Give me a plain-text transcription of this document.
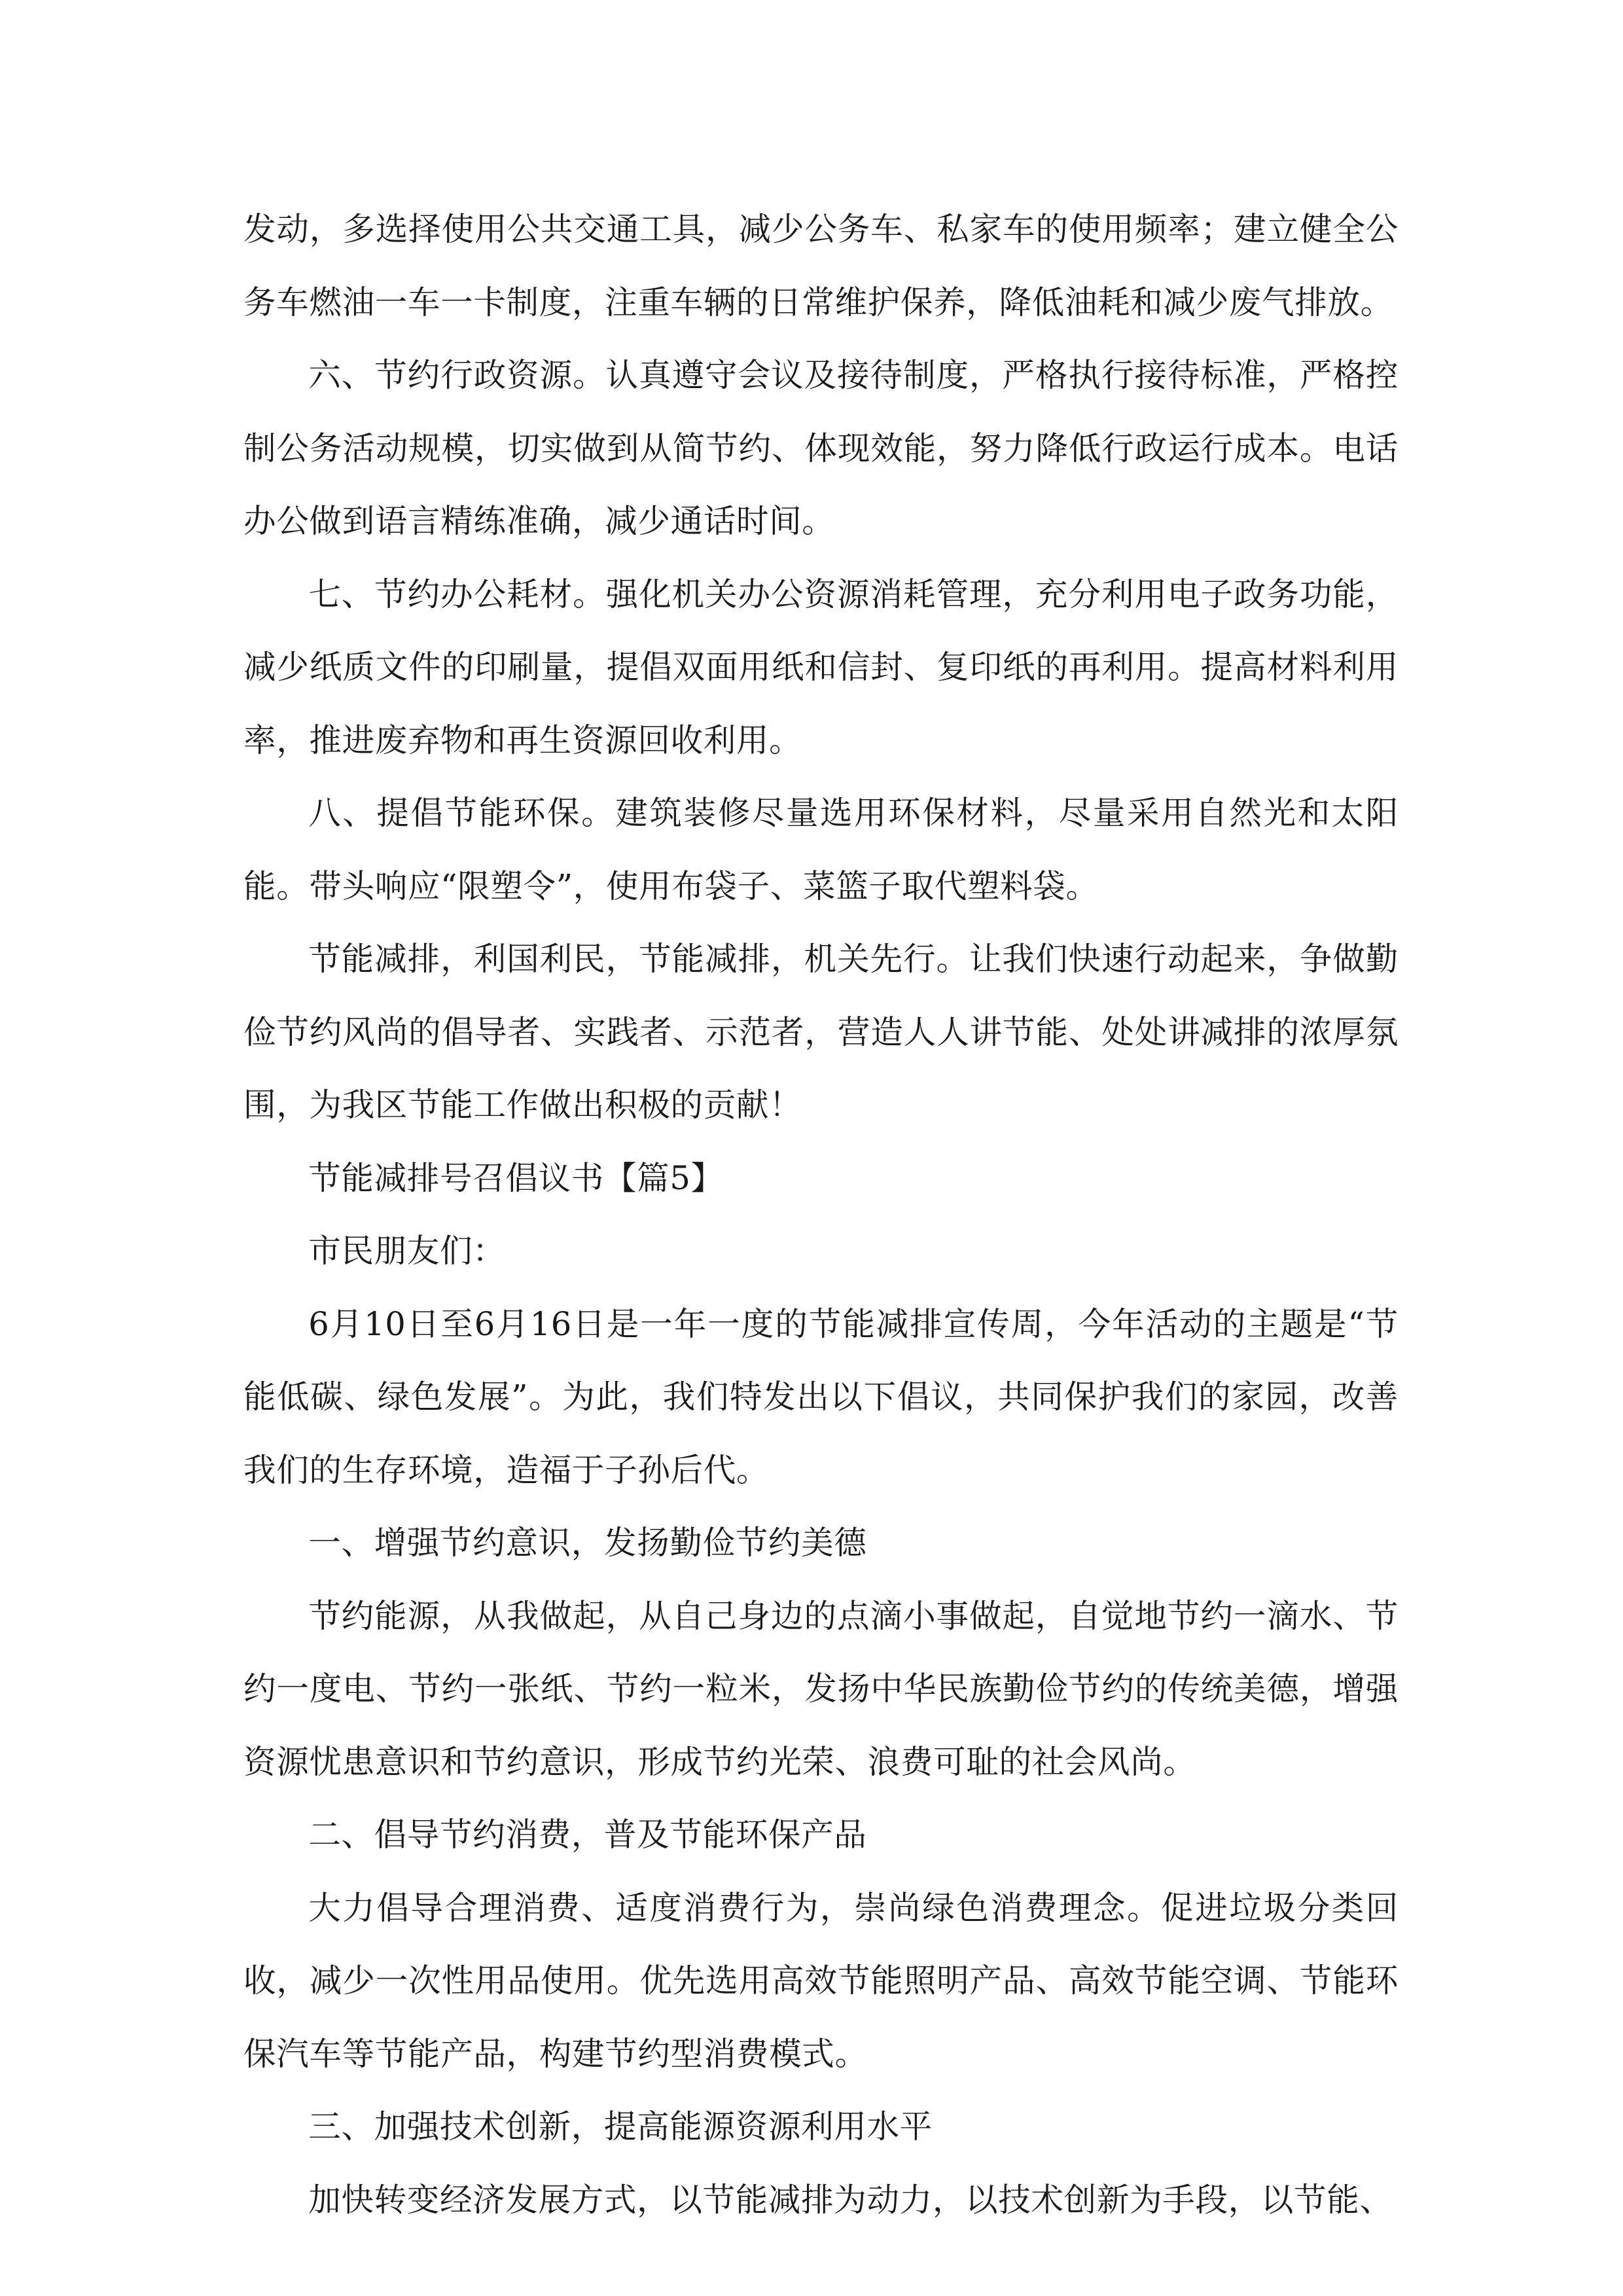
发动，多选择使用公共交通工具，减少公务车、私家车的使用频率；建立健全公务车燃油一车一卡制度，注重车辆的日常维护保养，降低油耗和减少废气排放。

六、节约行政资源。认真遵守会议及接待制度，严格执行接待标准，严格控制公务活动规模，切实做到从简节约、体现效能，努力降低行政运行成本。电话办公做到语言精练准确，减少通话时间。

七、节约办公耗材。强化机关办公资源消耗管理，充分利用电子政务功能，减少纸质文件的印刷量，提倡双面用纸和信封、复印纸的再利用。提高材料利用率，推进废弃物和再生资源回收利用。

八、提倡节能环保。建筑装修尽量选用环保材料，尽量采用自然光和太阳能。带头响应“限塑令”，使用布袋子、菜篮子取代塑料袋。

节能减排，利国利民，节能减排，机关先行。让我们快速行动起来，争做勤俭节约风尚的倡导者、实践者、示范者，营造人人讲节能、处处讲减排的浓厚氛围，为我区节能工作做出积极的贡献！

节能减排号召倡议书【篇5】

市民朋友们：

6月10日至6月16日是一年一度的节能减排宣传周，今年活动的主题是“节能低碳、绿色发展”。为此，我们特发出以下倡议，共同保护我们的家园，改善我们的生存环境，造福于子孙后代。

一、增强节约意识，发扬勤俭节约美德

节约能源，从我做起，从自己身边的点滴小事做起，自觉地节约一滴水、节约一度电、节约一张纸、节约一粒米，发扬中华民族勤俭节约的传统美德，增强资源忧患意识和节约意识，形成节约光荣、浪费可耻的社会风尚。

二、倡导节约消费，普及节能环保产品

大力倡导合理消费、适度消费行为，崇尚绿色消费理念。促进垃圾分类回收，减少一次性用品使用。优先选用高效节能照明产品、高效节能空调、节能环保汽车等节能产品，构建节约型消费模式。

三、加强技术创新，提高能源资源利用水平

加快转变经济发展方式，以节能减排为动力，以技术创新为手段，以节能、
